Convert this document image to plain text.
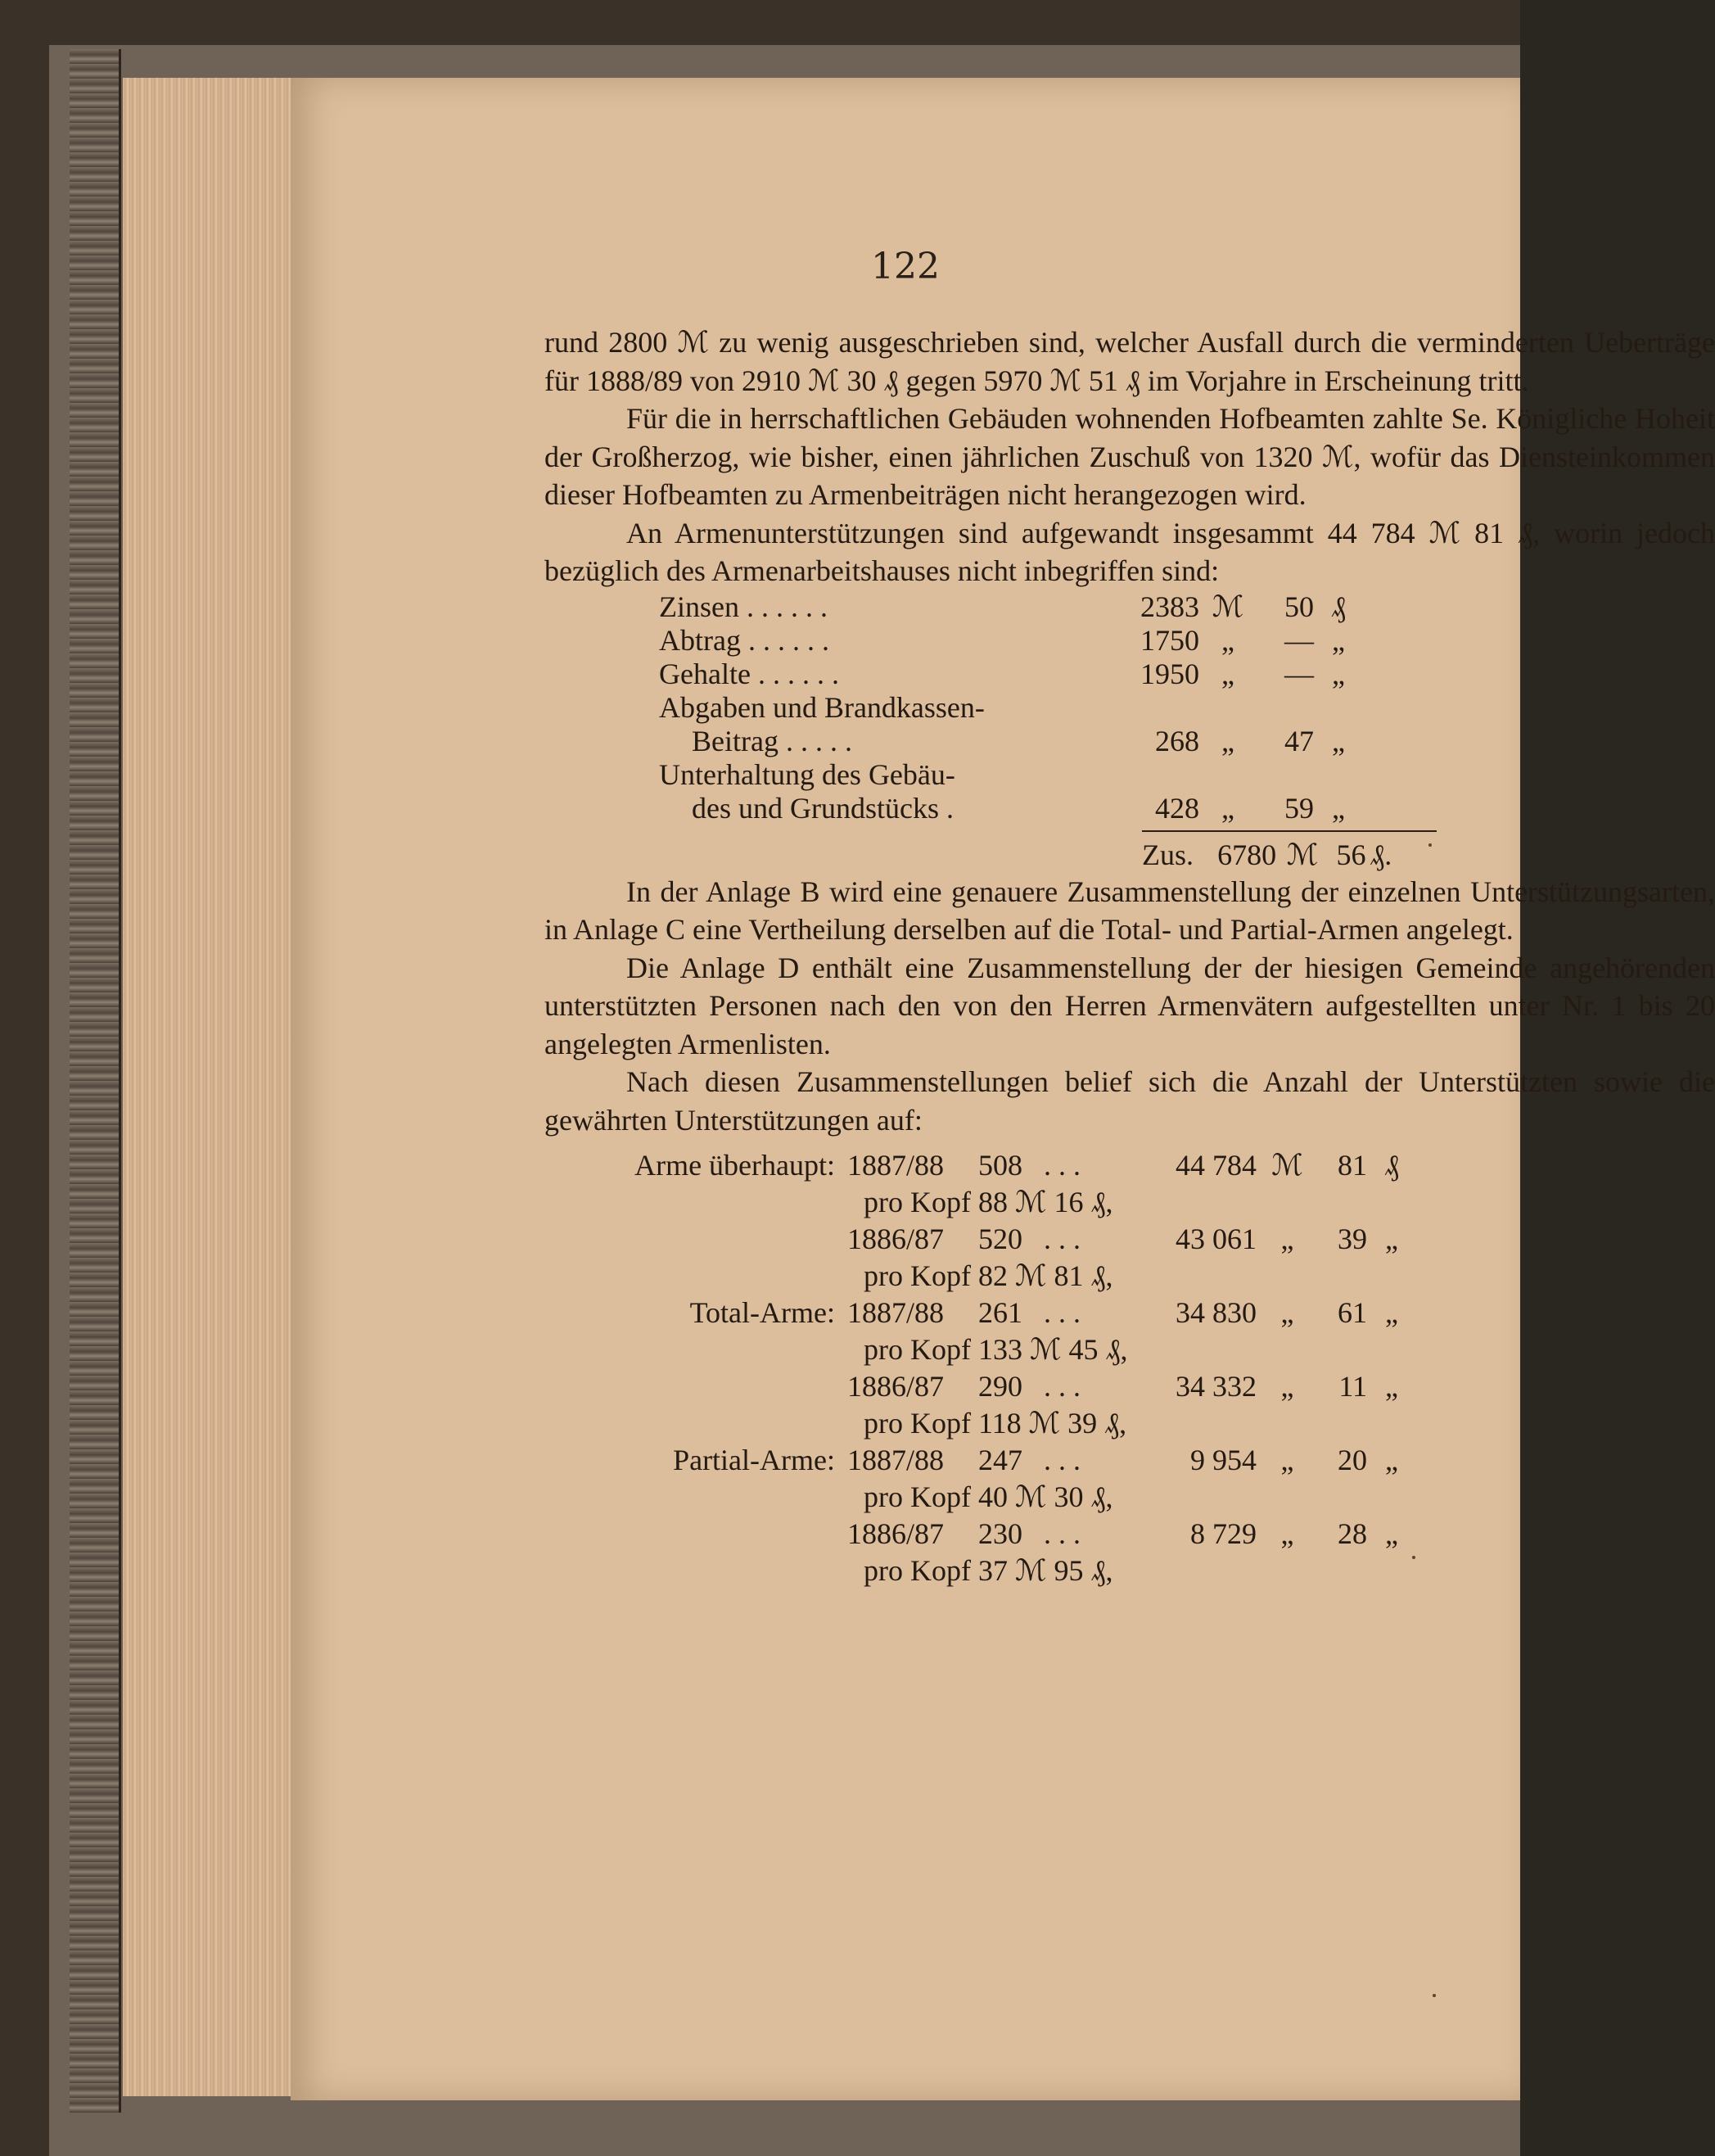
122

rund 2800 ℳ zu wenig ausgeschrieben sind, welcher Ausfall durch die verminderten Ueberträge für 1888/89 von 2910 ℳ 30 ₰ gegen 5970 ℳ 51 ₰ im Vorjahre in Erscheinung tritt.

Für die in herrschaftlichen Gebäuden wohnenden Hofbeamten zahlte Se. Königliche Hoheit der Großherzog, wie bisher, einen jährlichen Zuschuß von 1320 ℳ, wofür das Diensteinkommen dieser Hofbeamten zu Armenbeiträgen nicht herangezogen wird.

An Armenunterstützungen sind aufgewandt insgesammt 44 784 ℳ 81 ₰, worin jedoch bezüglich des Armenarbeitshauses nicht inbegriffen sind:

Zinsen . . . . . .	2383 ℳ	50 ₰
Abtrag . . . . . .	1750 „	— „
Gehalte . . . . . .	1950 „	— „
Abgaben und Brandkassen-
Beitrag . . . . .	268 „	47 „
Unterhaltung des Gebäu-
des und Grundstücks .	428 „	59 „
Zus. 6780 ℳ 56 ₰.

In der Anlage B wird eine genauere Zusammenstellung der einzelnen Unterstützungsarten, in Anlage C eine Vertheilung derselben auf die Total- und Partial-Armen angelegt.

Die Anlage D enthält eine Zusammenstellung der der hiesigen Gemeinde angehörenden unterstützten Personen nach den von den Herren Armenvätern aufgestellten unter Nr. 1 bis 20 angelegten Armenlisten.

Nach diesen Zusammenstellungen belief sich die Anzahl der Unterstützten sowie die gewährten Unterstützungen auf:

Arme überhaupt: 1887/88	508 . . .	44 784 ℳ	81 ₰
pro Kopf 88 ℳ 16 ₰,
1886/87	520 . . .	43 061 „	39 „
pro Kopf 82 ℳ 81 ₰,
Total-Arme: 1887/88	261 . . .	34 830 „	61 „
pro Kopf 133 ℳ 45 ₰,
1886/87	290 . . .	34 332 „	11 „
pro Kopf 118 ℳ 39 ₰,
Partial-Arme: 1887/88	247 . . .	9 954 „	20 „
pro Kopf 40 ℳ 30 ₰,
1886/87	230 . . .	8 729 „	28 „
pro Kopf 37 ℳ 95 ₰,
